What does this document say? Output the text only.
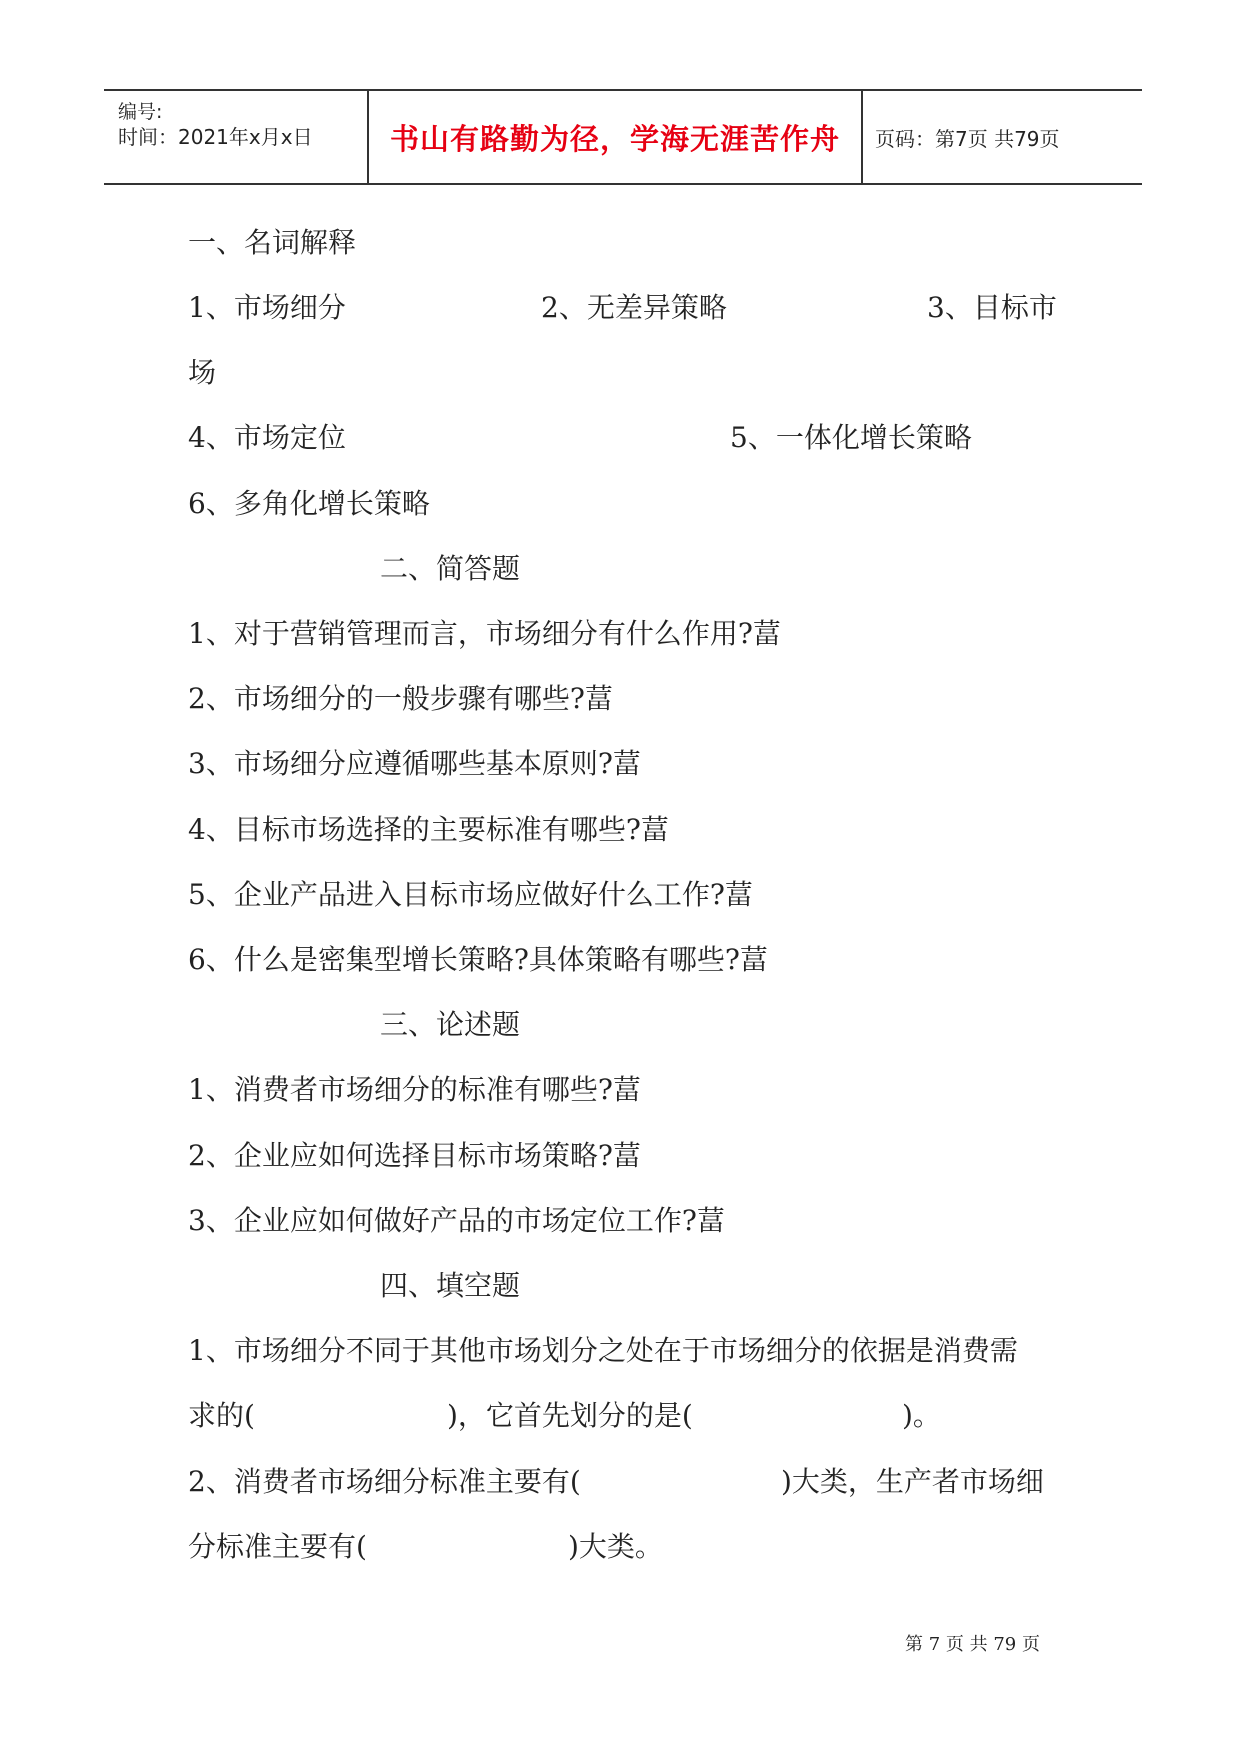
编号:
时间：2021年x月x日	书山有路勤为径，学海无涯苦作舟 页码：第7页 共79页
一、名词解释
1、市场细分	2、无差异策略	3、目标市
场
4、市场定位	5、一体化增长策略
6、多角化增长策略
二、简答题
1、对于营销管理而言，市场细分有什么作用?葍
2、市场细分的一般步骤有哪些?葍
3、市场细分应遵循哪些基本原则?葍
4、目标市场选择的主要标准有哪些?葍
5、企业产品进入目标市场应做好什么工作?葍
6、什么是密集型增长策略?具体策略有哪些?葍
三、论述题
1、消费者市场细分的标准有哪些?葍
2、企业应如何选择目标市场策略?葍
3、企业应如何做好产品的市场定位工作?葍
四、填空题
1、市场细分不同于其他市场划分之处在于市场细分的依据是消费需
求的(	)，它首先划分的是(	)。
2、消费者市场细分标准主要有(	)大类，生产者市场细
分标准主要有(	)大类。
第 7 页 共 79 页
